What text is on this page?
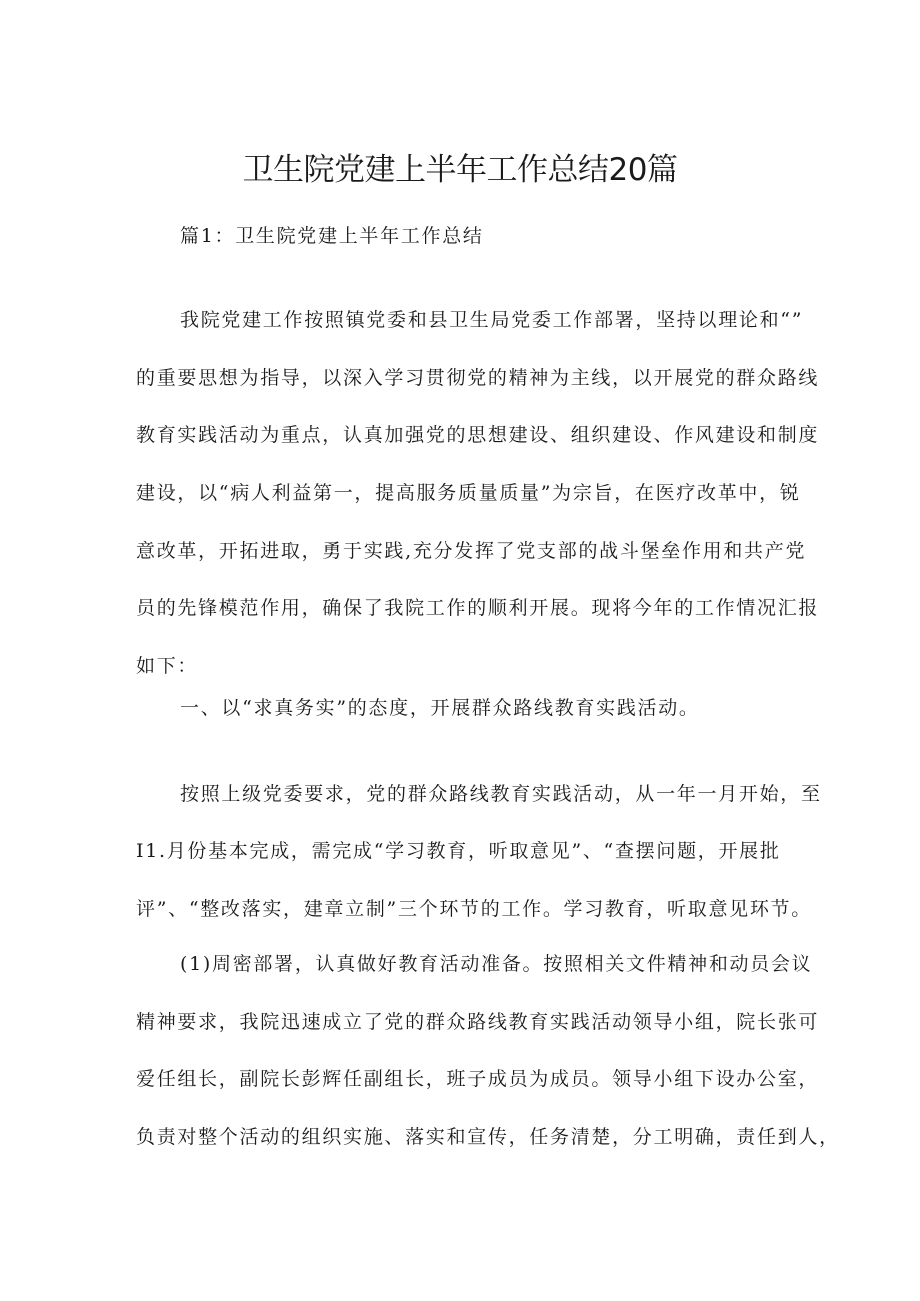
卫生院党建上半年工作总结20篇
篇1：卫生院党建上半年工作总结
我院党建工作按照镇党委和县卫生局党委工作部署，坚持以理论和“”
的重要思想为指导，以深入学习贯彻党的精神为主线，以开展党的群众路线
教育实践活动为重点，认真加强党的思想建设、组织建设、作风建设和制度
建设，以“病人利益第一，提高服务质量质量”为宗旨，在医疗改革中，锐
意改革，开拓进取，勇于实践,充分发挥了党支部的战斗堡垒作用和共产党
员的先锋模范作用，确保了我院工作的顺利开展。现将今年的工作情况汇报
如下：
一、以“求真务实”的态度，开展群众路线教育实践活动。
按照上级党委要求，党的群众路线教育实践活动，从一年一月开始，至
I1.月份基本完成，需完成“学习教育，听取意见”、“查摆问题，开展批
评”、“整改落实，建章立制”三个环节的工作。学习教育，听取意见环节。
(1)周密部署，认真做好教育活动准备。按照相关文件精神和动员会议
精神要求，我院迅速成立了党的群众路线教育实践活动领导小组，院长张可
爱任组长，副院长彭辉任副组长，班子成员为成员。领导小组下设办公室，
负责对整个活动的组织实施、落实和宣传，任务清楚，分工明确，责任到人，
